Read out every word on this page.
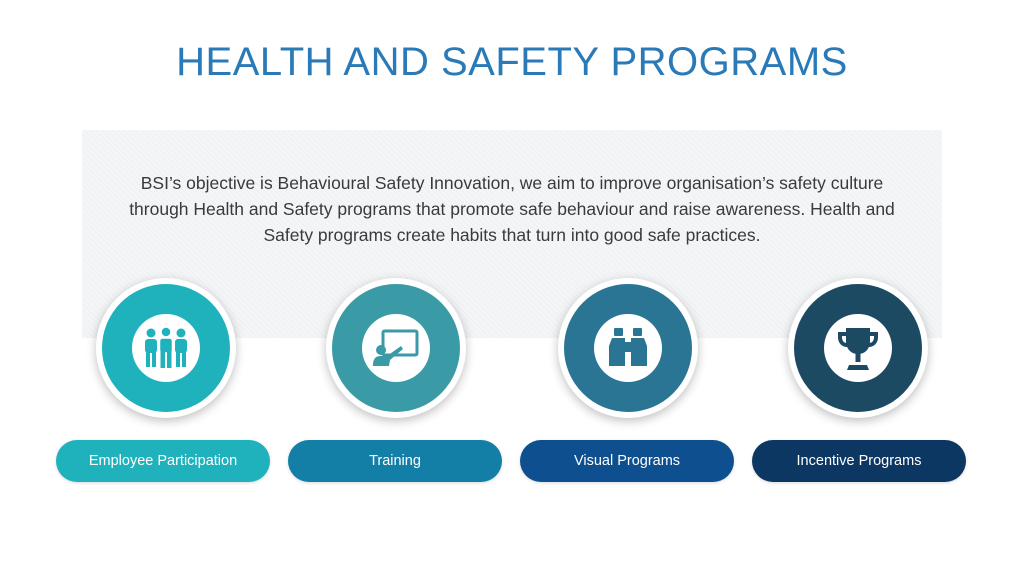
HEALTH AND SAFETY PROGRAMS

BSI’s objective is Behavioural Safety Innovation, we aim to improve organisation’s safety culture through Health and Safety programs that promote safe behaviour and raise awareness. Health and Safety programs create habits that turn into good safe practices.

Employee Participation	Training	Visual Programs	Incentive Programs
